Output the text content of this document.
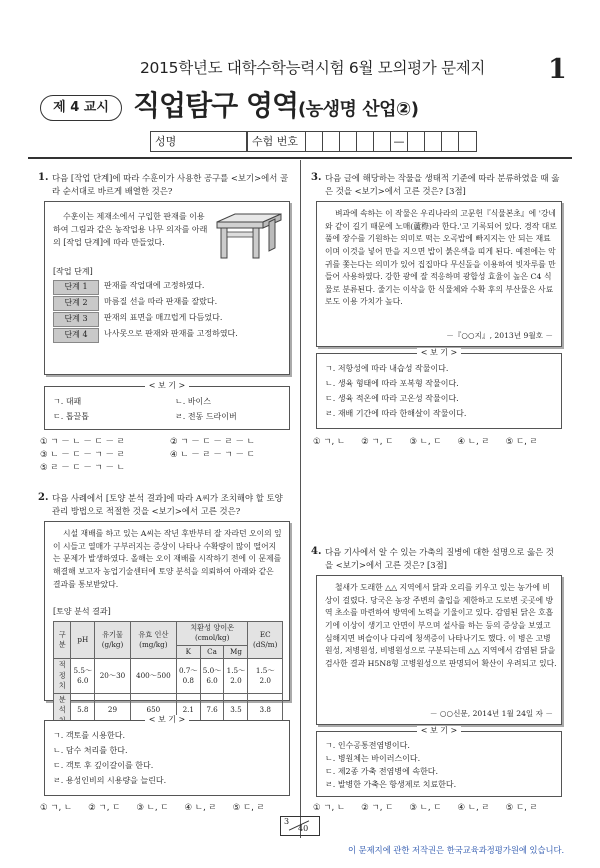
2015학년도 대학수학능력시험 6월 모의평가 문제지 1
제 4 교시 직업탐구 영역(농생명 산업②)
성명	수험 번호	—
1. 다음 [작업 단계]에 따라 수훈이가 사용한 공구를 <보기>에서 골라 순서대로 바르게 배열한 것은?
수훈이는 제재소에서 구입한 판재를 이용하여 그림과 같은 농작업용 나무 의자를 아래의 [작업 단계]에 따라 만들었다.
[작업 단계]
단계 1	판재를 작업대에 고정하였다.
단계 2	마름질 선을 따라 판재를 잘랐다.
단계 3	판재의 표면을 매끄럽게 다듬었다.
단계 4	나사못으로 판재와 판재를 고정하였다.
< 보 기 >
ㄱ. 대패	ㄴ. 바이스
ㄷ. 톱끌톱	ㄹ. 전동 드라이버
① ㄱ － ㄴ － ㄷ － ㄹ	② ㄱ － ㄷ － ㄹ － ㄴ
③ ㄴ － ㄷ － ㄱ － ㄹ	④ ㄴ － ㄹ － ㄱ － ㄷ
⑤ ㄹ － ㄷ － ㄱ － ㄴ
2. 다음 사례에서 [토양 분석 결과]에 따라 A씨가 조치해야 할 토양 관리 방법으로 적절한 것을 <보기>에서 고른 것은?
시설 재배를 하고 있는 A씨는 작년 후반부터 잘 자라던 오이의 잎이 시들고 열매가 구부러지는 증상이 나타나 수확량이 많이 떨어지는 문제가 발생하였다. 올해는 오이 재배를 시작하기 전에 이 문제를 해결해 보고자 농업기술센터에 토양 분석을 의뢰하여 아래와 같은 결과를 통보받았다.
[토양 분석 결과]
구분	pH	유기물 (g/kg)	유효 인산 (mg/kg)	치환성 양이온(cmol/kg)			EC (dS/m)
				K	Ca	Mg	
적정치	5.5～6.0	20～30	400～500	0.7～0.8	5.0～6.0	1.5～2.0	1.5～2.0
분석	5.8	29	650	2.1	7.6	3.5	3.8
< 보 기 >
ㄱ. 객토를 시용한다.
ㄴ. 담수 처리를 한다.
ㄷ. 객토 후 깊이갈이를 한다.
ㄹ. 용성인비의 시용량을 늘린다.
① ㄱ, ㄴ ② ㄱ, ㄷ ③ ㄴ, ㄷ ④ ㄴ, ㄹ ⑤ ㄷ, ㄹ
3. 다음 글에 해당하는 작물을 생태적 기준에 따라 분류하였을 때 옳은 것을 <보기>에서 고른 것은? [3점]
벼과에 속하는 이 작물은 우리나라의 고문헌『식물본초』에 '강네와 같이 길기 때문에 노매(蘆穄)라 한다.'고 기록되어 있다. 경작 대로풀에 장수를 기원하는 의미로 떡는 오곡밥에 빠지지는 안 되는 재료이며 이것을 넣어 만을 지으면 밥이 붉은색을 띠게 된다. 예전에는 악귀를 쫓는다는 의미가 있어 집집마다 무신돌을 이용하여 빗자루를 만들어 사용하였다. 강한 광에 잘 적응하며 광합성 효율이 높은 C4 식물로 분류된다. 줄기는 이삭을 한 식물체와 수확 후의 부산물은 사료로도 이용 가치가 높다.
－『○○지』, 2013년 9월호 －
< 보 기 >
ㄱ. 저항성에 따라 내습성 작물이다.
ㄴ. 생육 형태에 따라 포복형 작물이다.
ㄷ. 생육 적온에 따라 고온성 작물이다.
ㄹ. 재배 기간에 따라 한해살이 작물이다.
① ㄱ, ㄴ ② ㄱ, ㄷ ③ ㄴ, ㄷ ④ ㄴ, ㄹ ⑤ ㄷ, ㄹ
4. 다음 기사에서 알 수 있는 가축의 질병에 대한 설명으로 옳은 것을 <보기>에서 고른 것은? [3점]
철새가 도래한 △△ 지역에서 닭과 오리를 키우고 있는 농가에 비상이 걸렸다. 당국은 농장 주변의 출입을 제한하고 도로변 곳곳에 방역 초소를 마련하여 방역에 노력을 기울이고 있다. 감염된 닭은 호흡기에 이상이 생기고 안면이 부으며 설사를 하는 등의 증상을 보였고 심해지면 벼슬이나 다리에 청색증이 나타나기도 했다. 이 병은 고병원성, 저병원성, 비병원성으로 구분되는데 △△ 지역에서 감염된 닭을 검사한 결과 H5N8형 고병원성으로 판명되어 확산이 우려되고 있다.
－ ○○신문, 2014년 1월 24일 자 －
< 보 기 >
ㄱ. 인수공통전염병이다.
ㄴ. 병원체는 바이러스이다.
ㄷ. 제2종 가축 전염병에 속한다.
ㄹ. 발병한 가축은 항생제로 치료한다.
① ㄱ, ㄴ ② ㄱ, ㄷ ③ ㄴ, ㄷ ④ ㄴ, ㄹ ⑤ ㄷ, ㄹ
3
40
이 문제지에 관한 저작권은 한국교육과정평가원에 있습니다.
